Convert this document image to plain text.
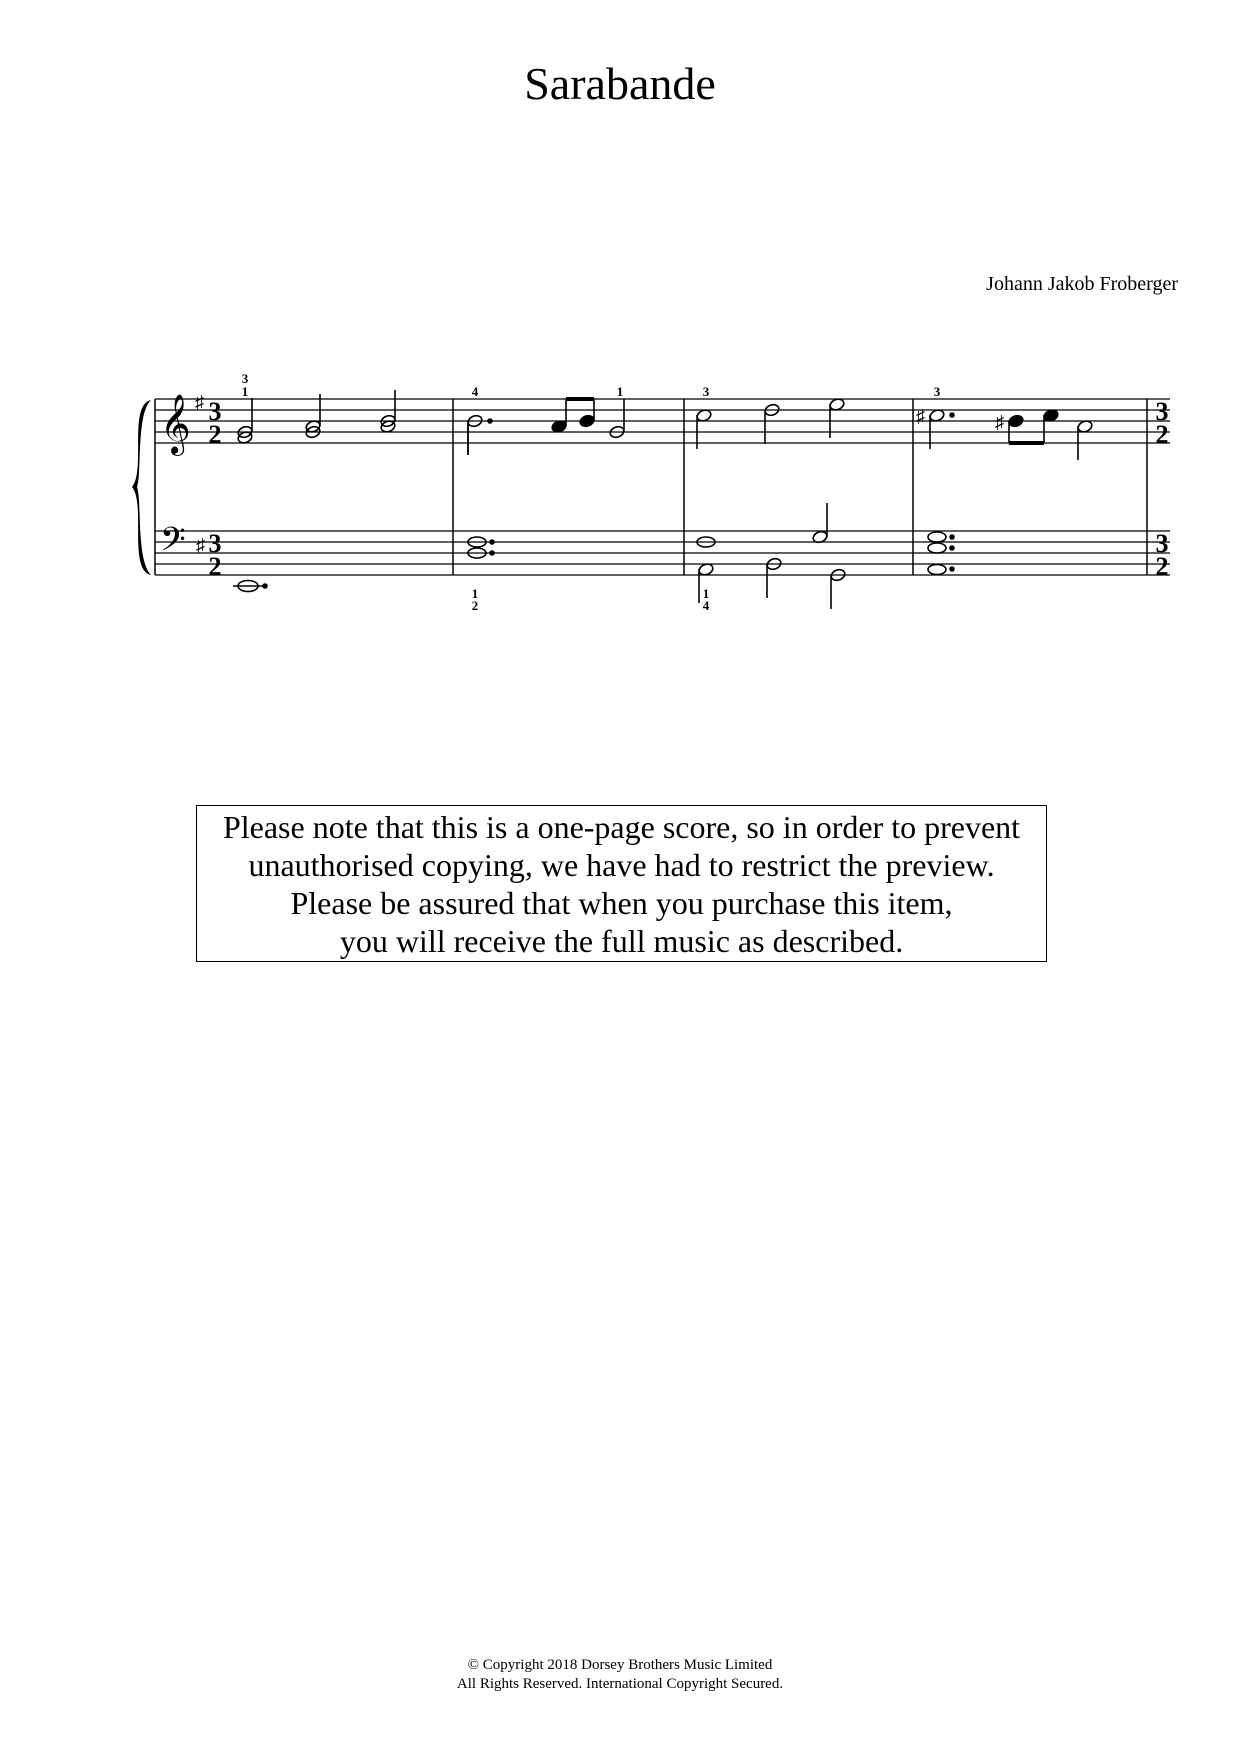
Sarabande
Johann Jakob Froberger
𝄞
𝄢
♯
♯
3
2
3
2
3
2
3
2
♯	♯
3
1	4	1	3	3
1
2
1
4
Please note that this is a one-page score, so in order to prevent
unauthorised copying, we have had to restrict the preview.
Please be assured that when you purchase this item,
you will receive the full music as described.
© Copyright 2018 Dorsey Brothers Music Limited
All Rights Reserved. International Copyright Secured.
